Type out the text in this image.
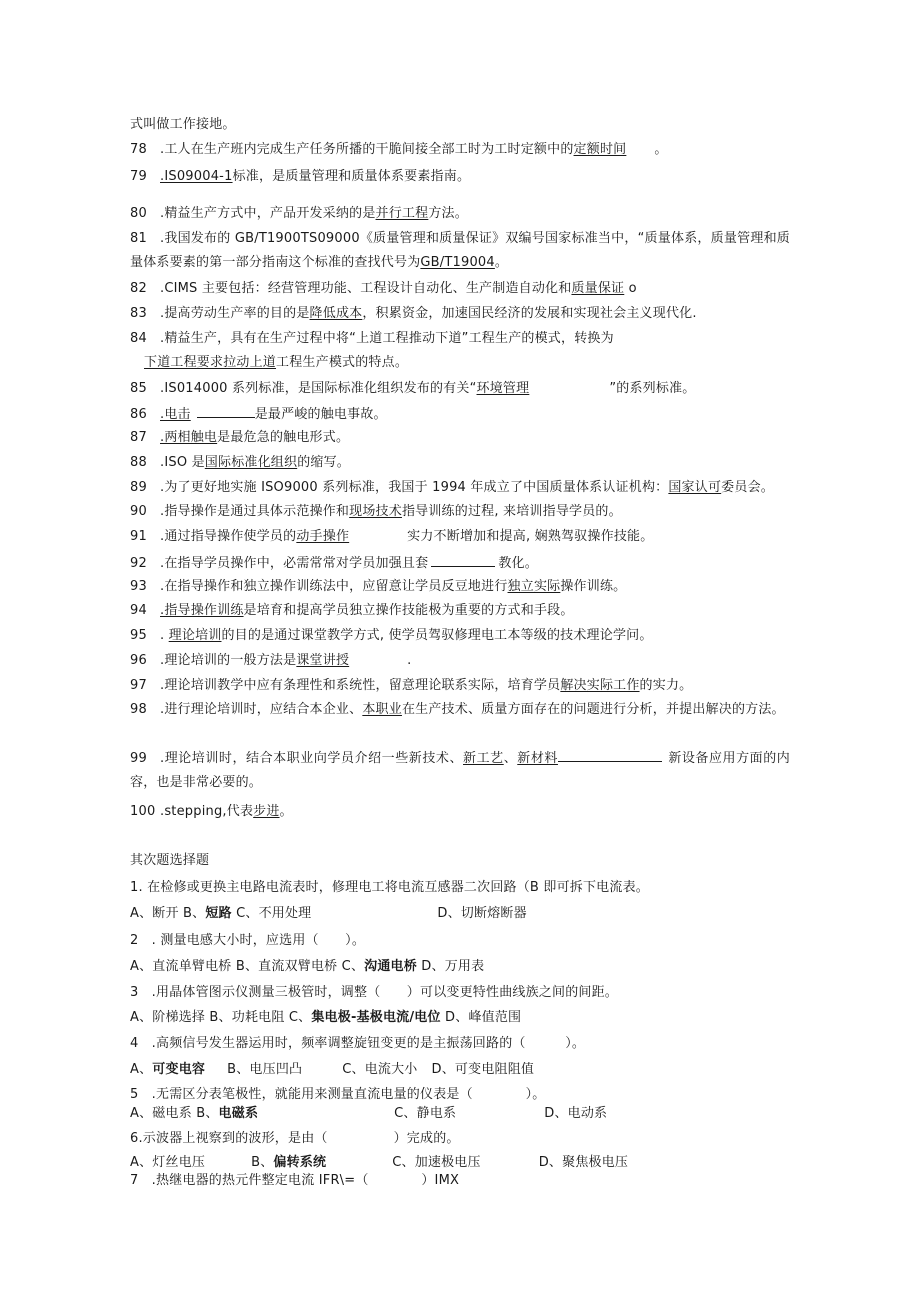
式叫做工作接地。
78 .工人在生产班内完成生产任务所播的干脆间接全部工时为工时定额中的定额时间 。
79 .IS09004-1标准，是质量管理和质量体系要素指南。
80 .精益生产方式中，产品开发采纳的是并行工程方法。
81 .我国发布的 GB/T1900TS09000《质量管理和质量保证》双编号国家标准当中，“质量体系，质量管理和质量体系要素的第一部分指南这个标准的查找代号为GB/T19004。
82 .CIMS 主要包括：经营管理功能、工程设计自动化、生产制造自动化和质量保证 o
83 .提高劳动生产率的目的是降低成本，积累资金，加速国民经济的发展和实现社会主义现代化.
84 .精益生产，具有在生产过程中将“上道工程推动下道”工程生产的模式，转换为
下道工程要求拉动上道工程生产模式的特点。
85 .IS014000 系列标准，是国际标准化组织发布的有关“环境管理	”的系列标准。
86 .电击	是最严峻的触电事故。
87 .两相触电是最危急的触电形式。
88 .ISO 是国际标准化组织的缩写。
89 .为了更好地实施 ISO9000 系列标准，我国于 1994 年成立了中国质量体系认证机构：国家认可委员会。
90 .指导操作是通过具体示范操作和现场技术指导训练的过程, 来培训指导学员的。
91 .通过指导操作使学员的动手操作	实力不断增加和提高, 娴熟驾驭操作技能。
92 .在指导学员操作中，必需常常对学员加强且套	教化。
93 .在指导操作和独立操作训练法中，应留意让学员反豆地进行独立实际操作训练。
94 .指导操作训练是培育和提高学员独立操作技能极为重要的方式和手段。
95 . 理论培训的目的是通过课堂教学方式, 使学员驾驭修理电工本等级的技术理论学问。
96 .理论培训的一般方法是课堂讲授	.
97 .理论培训教学中应有条理性和系统性，留意理论联系实际，培育学员解决实际工作的实力。
98 .进行理论培训时，应结合本企业、本职业在生产技术、质量方面存在的问题进行分析，并提出解决的方法。
99 .理论培训时，结合本职业向学员介绍一些新技术、新工艺、新材料	新设备应用方面的内容，也是非常必要的。
100 .stepping,代表步进。
其次题选择题
1. 在检修或更换主电路电流表时，修理电工将电流互感器二次回路（B 即可拆下电流表。
A、断开 B、短路 C、不用处理	D、切断熔断器
2　. 测量电感大小时，应选用（　　）。
A、直流单臂电桥 B、直流双臂电桥 C、沟通电桥 D、万用表
3　.用晶体管图示仪测量三极管时，调整（　　）可以变更特性曲线族之间的间距。
A、阶梯选择 B、功耗电阻 C、集电极-基极电流/电位 D、峰值范围
4　.高频信号发生器运用时，频率调整旋钮变更的是主振荡回路的（　　　）。
A、可变电容 B、电压凹凸	C、电流大小 D、可变电阻阻值
5　.无需区分表笔极性，就能用来测量直流电量的仪表是（　　　　）。
A、磁电系 B、电磁系	C、静电系	D、电动系
6.示波器上视察到的波形，是由（　　　　　）完成的。
A、灯丝电压	B、偏转系统	C、加速极电压	D、聚焦极电压
7　.热继电器的热元件整定电流 IFR\=（　　　　）IMX
